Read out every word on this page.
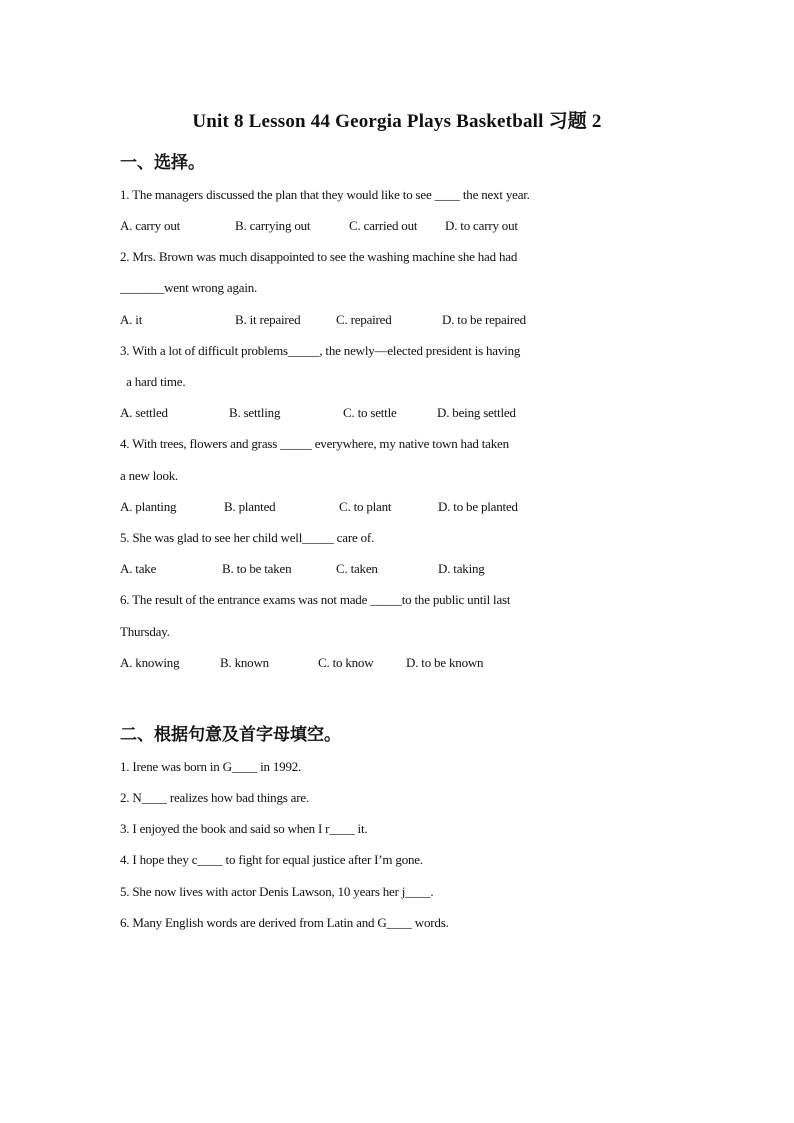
Unit 8 Lesson 44 Georgia Plays Basketball 习题 2
一、选择。
1. The managers discussed the plan that they would like to see ____ the next year.
A. carry out	B. carrying out	C. carried out D. to carry out
2. Mrs. Brown was much disappointed to see the washing machine she had had
_______went wrong again.
A. it	B. it repaired	C. repaired	D. to be repaired
3. With a lot of difficult problems_____, the newly—elected president is having
a hard time.
A. settled	B. settling	C. to settle	D. being settled
4. With trees, flowers and grass _____ everywhere, my native town had taken
a new look.
A. planting	B. planted	C. to plant	D. to be planted
5. She was glad to see her child well_____ care of.
A. take	B. to be taken	C. taken	D. taking
6. The result of the entrance exams was not made _____to the public until last
Thursday.
A. knowing	B. known	C. to know	D. to be known
二、根据句意及首字母填空。
1. Irene was born in G____ in 1992.
2. N____ realizes how bad things are.
3. I enjoyed the book and said so when I r____ it.
4. I hope they c____ to fight for equal justice after I’m gone.
5. She now lives with actor Denis Lawson, 10 years her j____.
6. Many English words are derived from Latin and G____ words.
